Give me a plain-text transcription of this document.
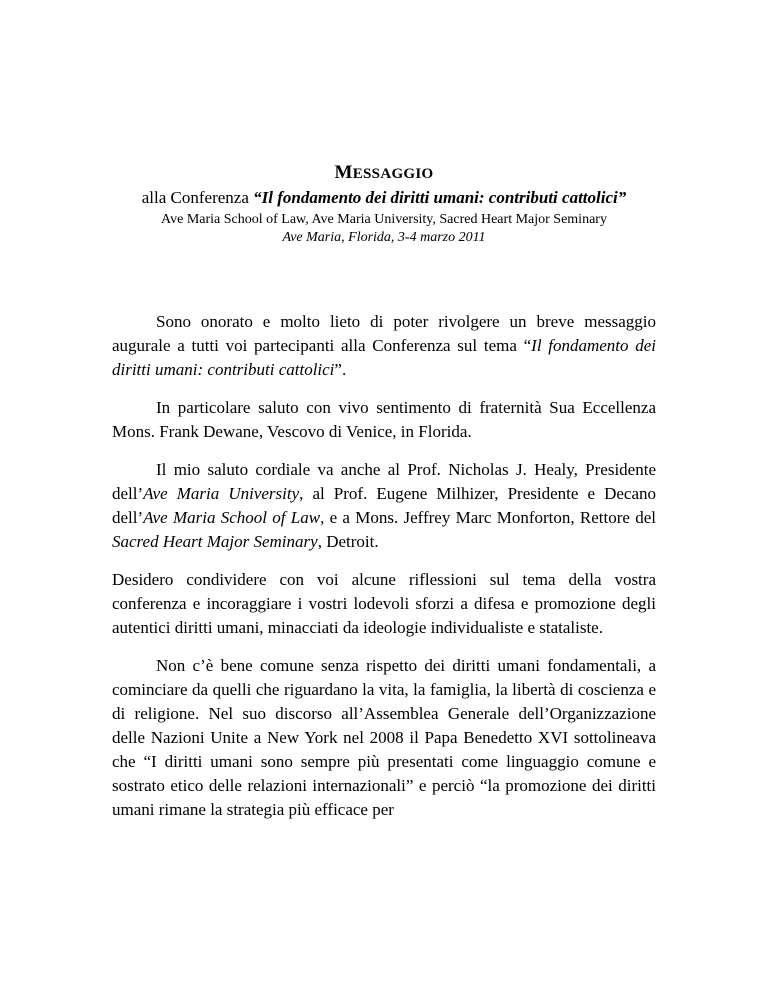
MESSAGGIO

alla Conferenza “Il fondamento dei diritti umani: contributi cattolici”

Ave Maria School of Law, Ave Maria University, Sacred Heart Major Seminary

Ave Maria, Florida, 3-4 marzo 2011

Sono onorato e molto lieto di poter rivolgere un breve messaggio augurale a tutti voi partecipanti alla Conferenza sul tema “Il fondamento dei diritti umani: contributi cattolici”.

In particolare saluto con vivo sentimento di fraternità Sua Eccellenza Mons. Frank Dewane, Vescovo di Venice, in Florida.

Il mio saluto cordiale va anche al Prof. Nicholas J. Healy, Presidente dell’Ave Maria University, al Prof. Eugene Milhizer, Presidente e Decano dell’Ave Maria School of Law, e a Mons. Jeffrey Marc Monforton, Rettore del Sacred Heart Major Seminary, Detroit.

Desidero condividere con voi alcune riflessioni sul tema della vostra conferenza e incoraggiare i vostri lodevoli sforzi a difesa e promozione degli autentici diritti umani, minacciati da ideologie individualiste e stataliste.

Non c’è bene comune senza rispetto dei diritti umani fondamentali, a cominciare da quelli che riguardano la vita, la famiglia, la libertà di coscienza e di religione. Nel suo discorso all’Assemblea Generale dell’Organizzazione delle Nazioni Unite a New York nel 2008 il Papa Benedetto XVI sottolineava che “I diritti umani sono sempre più presentati come linguaggio comune e sostrato etico delle relazioni internazionali” e perciò “la promozione dei diritti umani rimane la strategia più efficace per
